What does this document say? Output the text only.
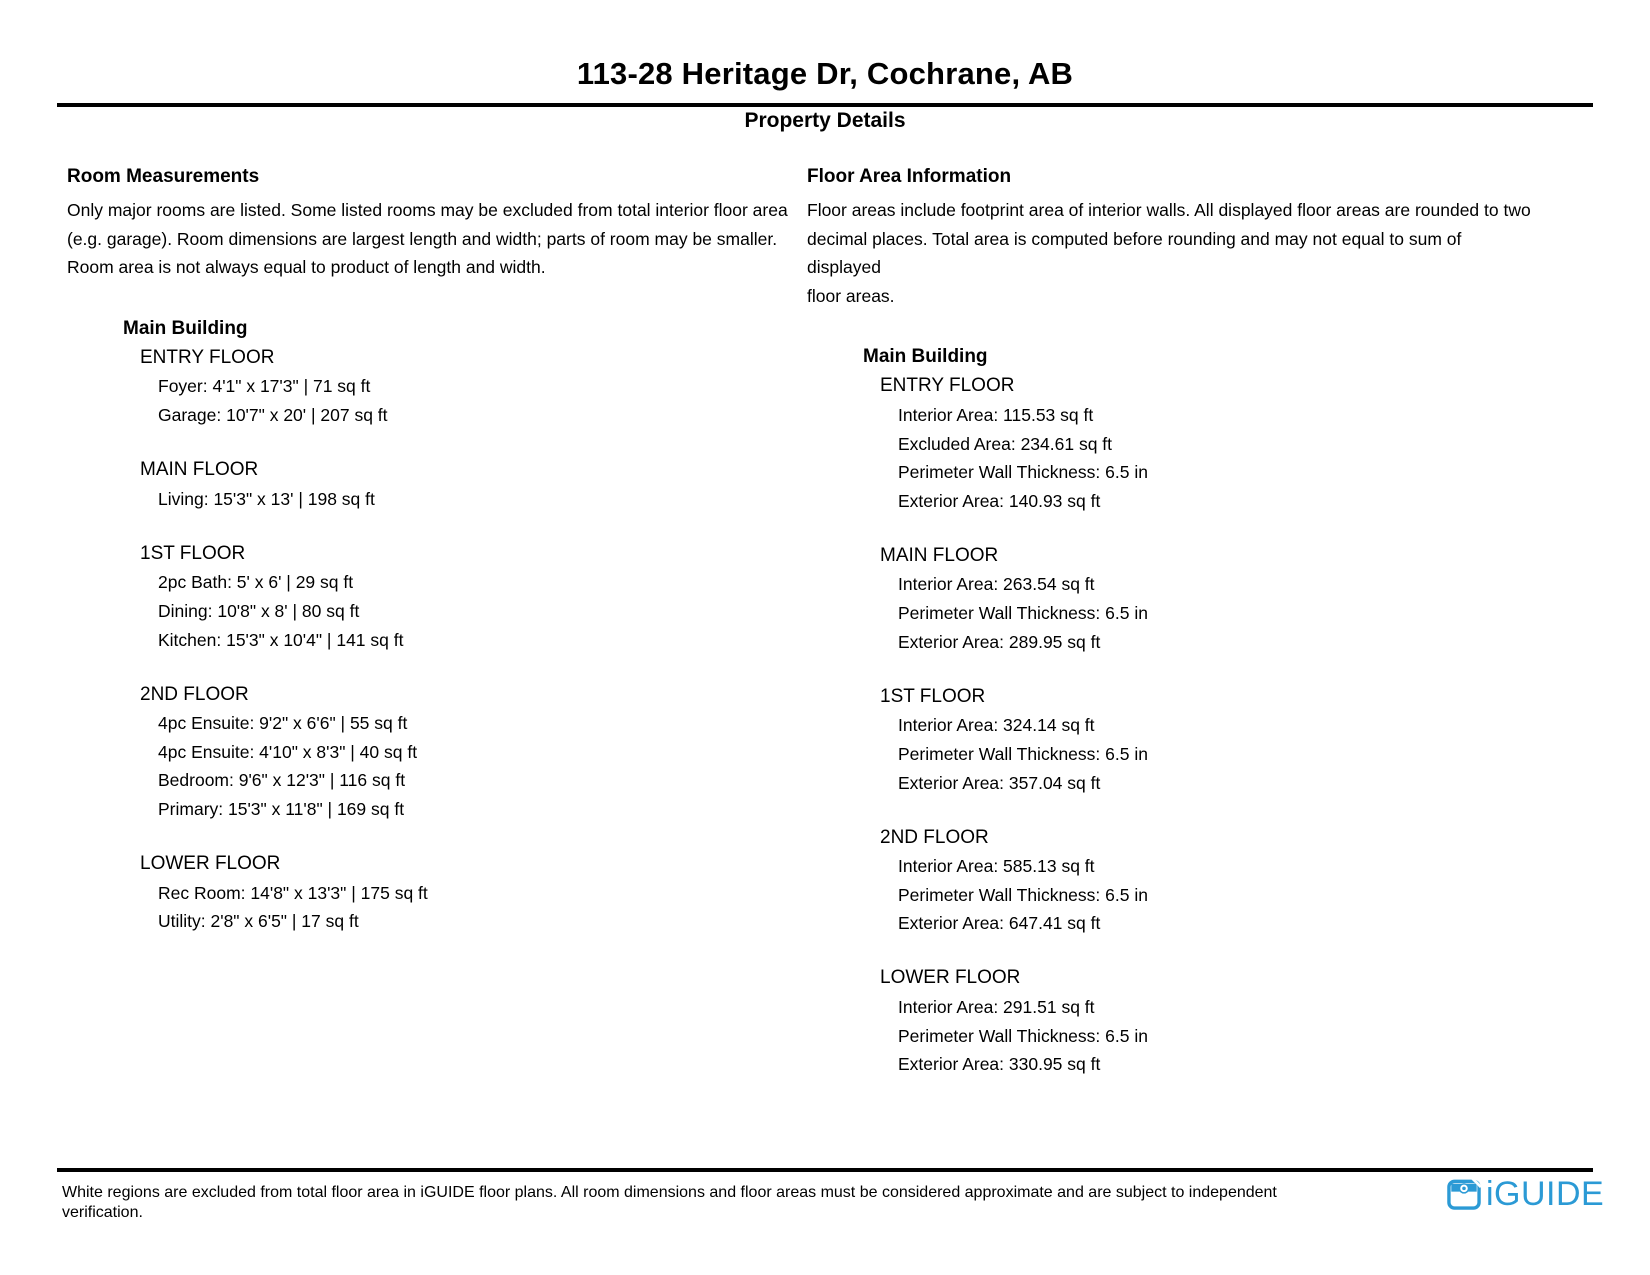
113-28 Heritage Dr, Cochrane, AB
Property Details
Room Measurements
Only major rooms are listed. Some listed rooms may be excluded from total interior floor area
(e.g. garage). Room dimensions are largest length and width; parts of room may be smaller.
Room area is not always equal to product of length and width.
Main Building
ENTRY FLOOR
Foyer: 4'1" x 17'3" | 71 sq ft
Garage: 10'7" x 20' | 207 sq ft
MAIN FLOOR
Living: 15'3" x 13' | 198 sq ft
1ST FLOOR
2pc Bath: 5' x 6' | 29 sq ft
Dining: 10'8" x 8' | 80 sq ft
Kitchen: 15'3" x 10'4" | 141 sq ft
2ND FLOOR
4pc Ensuite: 9'2" x 6'6" | 55 sq ft
4pc Ensuite: 4'10" x 8'3" | 40 sq ft
Bedroom: 9'6" x 12'3" | 116 sq ft
Primary: 15'3" x 11'8" | 169 sq ft
LOWER FLOOR
Rec Room: 14'8" x 13'3" | 175 sq ft
Utility: 2'8" x 6'5" | 17 sq ft
Floor Area Information
Floor areas include footprint area of interior walls. All displayed floor areas are rounded to two
decimal places. Total area is computed before rounding and may not equal to sum of displayed
floor areas.
Main Building
ENTRY FLOOR
Interior Area: 115.53 sq ft
Excluded Area: 234.61 sq ft
Perimeter Wall Thickness: 6.5 in
Exterior Area: 140.93 sq ft
MAIN FLOOR
Interior Area: 263.54 sq ft
Perimeter Wall Thickness: 6.5 in
Exterior Area: 289.95 sq ft
1ST FLOOR
Interior Area: 324.14 sq ft
Perimeter Wall Thickness: 6.5 in
Exterior Area: 357.04 sq ft
2ND FLOOR
Interior Area: 585.13 sq ft
Perimeter Wall Thickness: 6.5 in
Exterior Area: 647.41 sq ft
LOWER FLOOR
Interior Area: 291.51 sq ft
Perimeter Wall Thickness: 6.5 in
Exterior Area: 330.95 sq ft
White regions are excluded from total floor area in iGUIDE floor plans. All room dimensions and floor areas must be considered approximate and are subject to independent verification.	iGUIDE
